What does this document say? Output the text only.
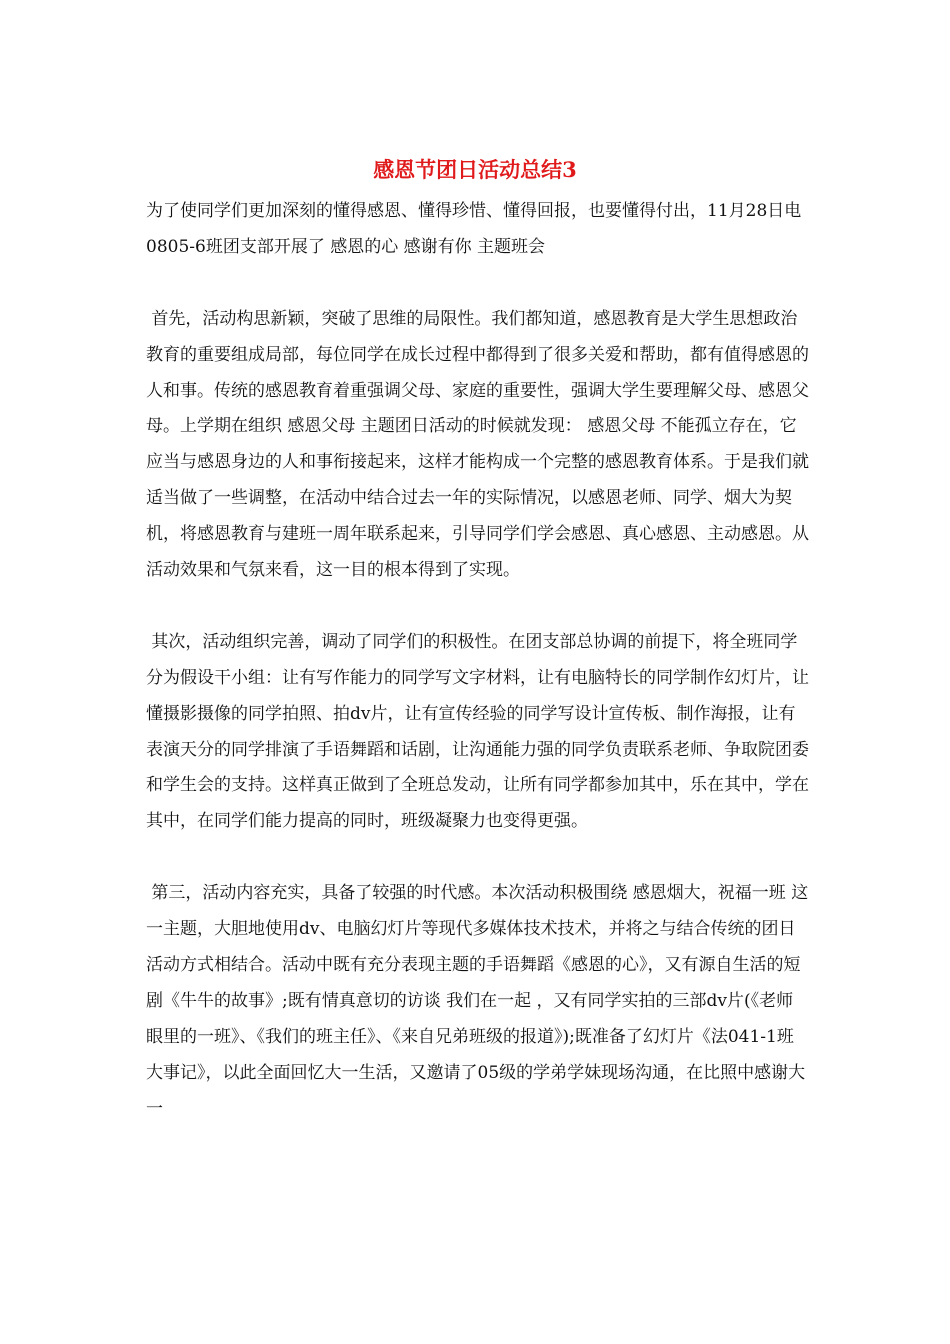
感恩节团日活动总结3

为了使同学们更加深刻的懂得感恩、懂得珍惜、懂得回报，也要懂得付出，11月28日电0805-6班团支部开展了 感恩的心 感谢有你 主题班会

首先，活动构思新颖，突破了思维的局限性。我们都知道，感恩教育是大学生思想政治教育的重要组成局部，每位同学在成长过程中都得到了很多关爱和帮助，都有值得感恩的人和事。传统的感恩教育着重强调父母、家庭的重要性，强调大学生要理解父母、感恩父母。上学期在组织 感恩父母 主题团日活动的时候就发现： 感恩父母 不能孤立存在，它应当与感恩身边的人和事衔接起来，这样才能构成一个完整的感恩教育体系。于是我们就适当做了一些调整，在活动中结合过去一年的实际情况，以感恩老师、同学、烟大为契机，将感恩教育与建班一周年联系起来，引导同学们学会感恩、真心感恩、主动感恩。从活动效果和气氛来看，这一目的根本得到了实现。

其次，活动组织完善，调动了同学们的积极性。在团支部总协调的前提下，将全班同学分为假设干小组：让有写作能力的同学写文字材料，让有电脑特长的同学制作幻灯片，让懂摄影摄像的同学拍照、拍dv片，让有宣传经验的同学写设计宣传板、制作海报，让有表演天分的同学排演了手语舞蹈和话剧，让沟通能力强的同学负责联系老师、争取院团委和学生会的支持。这样真正做到了全班总发动，让所有同学都参加其中，乐在其中，学在其中，在同学们能力提高的同时，班级凝聚力也变得更强。

第三，活动内容充实，具备了较强的时代感。本次活动积极围绕 感恩烟大，祝福一班 这一主题，大胆地使用dv、电脑幻灯片等现代多媒体技术技术，并将之与结合传统的团日活动方式相结合。活动中既有充分表现主题的手语舞蹈《感恩的心》，又有源自生活的短剧《牛牛的故事》;既有情真意切的访谈 我们在一起 ，又有同学实拍的三部dv片(《老师眼里的一班》、《我们的班主任》、《来自兄弟班级的报道》);既准备了幻灯片《法041-1班大事记》，以此全面回忆大一生活，又邀请了05级的学弟学妹现场沟通，在比照中感谢大一
